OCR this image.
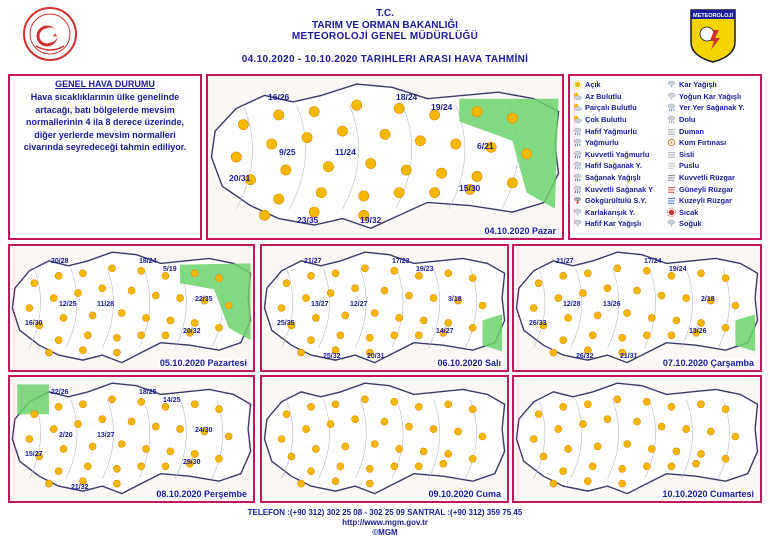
T.C.
TARIM VE ORMAN BAKANLIĞI
METEOROLOJİ GENEL MÜDÜRLÜĞÜ
04.10.2020 - 10.10.2020 TARIHLERI ARASI HAVA TAHMİNİ
METEOROLOJİ
GENEL HAVA DURUMU
Hava sıcaklıklarının ülke genelinde artacağı, batı bölgelerde mevsim normallerinin 4 ila 8 derece üzerinde, diğer yerlerde mevsim normalleri civarında seyredeceği tahmin ediliyor.
Açık	* Kar Yağışlı
Az Bulutlu	* Yoğun Kar Yağışlı
Parçalı Bulutlu	Yer Yer Sağanak Y.
Çok Bulutlu	Dolu
Hafif Yağmurlu	Duman
Yağmurlu	Kum Fırtınası
Kuvvetli Yağmurlu	Sisli
Hafif Sağanak Y.	Puslu
Sağanak Yağışlı	Kuvvetli Rüzgar
Kuvvetli Sağanak Y	Güneyli Rüzgar
Gökgürültülü S.Y.	Kuzeyli Rüzgar
* Karlakarışık Y.	Sıcak
* Hafif Kar Yağışlı	* Soğuk
16/26	18/24
19/24
9/25	11/24
6/21
20/31
15/30
23/35	19/32
04.10.2020 Pazar
20/28	18/24
5/19
12/25	11/28
22/35
16/30
20/32
05.10.2020 Pazartesi
21/27	17/23
19/23
13/27	12/27
3/18
25/35
14/27
25/32	20/31
06.10.2020 Salı
21/27	17/24
19/24
12/28	13/26
2/18
26/33
13/26
26/32	21/31
07.10.2020 Çarşamba
22/26	18/25
14/25
2/20	13/27
24/30
15/27
25/30
21/32
08.10.2020 Perşembe	09.10.2020 Cuma	10.10.2020 Cumartesi
TELEFON :(+90 312) 302 25 08 - 302 25 09 SANTRAL :(+90 312) 359 75 45
http://www.mgm.gov.tr
©MGM
